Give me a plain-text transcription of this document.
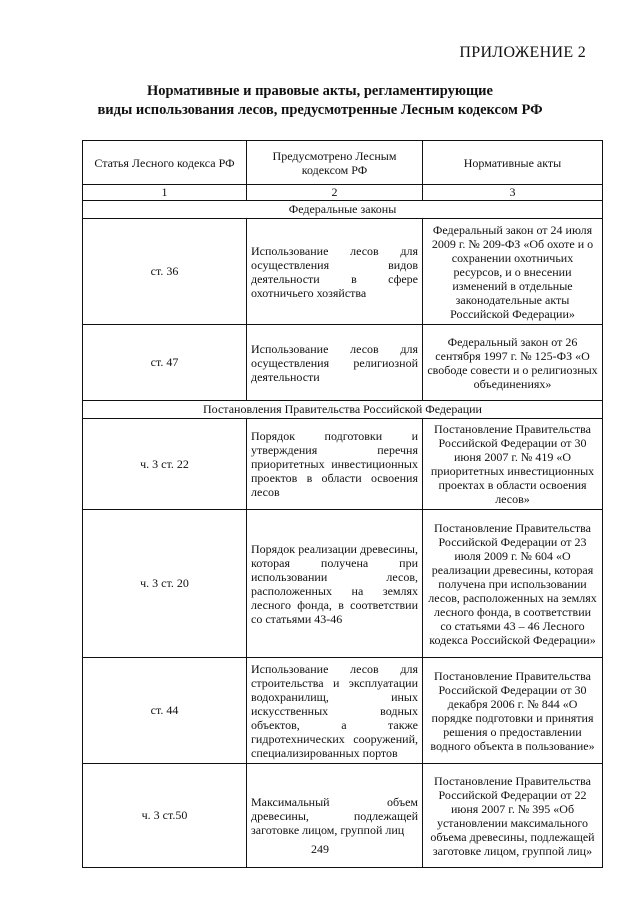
ПРИЛОЖЕНИЕ 2
Нормативные и правовые акты, регламентирующие
виды использования лесов, предусмотренные Лесным кодексом РФ
Статья Лесного кодекса РФ	Предусмотрено Лесным кодексом РФ	Нормативные акты
1	2	3
Федеральные законы		
ст. 36	Использование лесов для осуществления видов деятельности в сфере охотничьего хозяйства	Федеральный закон от 24 июля 2009 г. № 209-ФЗ «Об охоте и о сохранении охотничьих ресурсов, и о внесении изменений в отдельные законодательные акты Российской Федерации»
ст. 47	Использование лесов для осуществления религиозной деятельности	Федеральный закон от 26 сентября 1997 г. № 125-ФЗ «О свободе совести и о религиозных объединениях»
Постановления Правительства Российской Федерации		
ч. 3 ст. 22	Порядок подготовки и утверждения перечня приоритетных инвестиционных проектов в области освоения лесов	Постановление Правительства Российской Федерации от 30 июня 2007 г. № 419 «О приоритетных инвестиционных проектах в области освоения лесов»
ч. 3 ст. 20	Порядок реализации древесины, которая получена при использовании лесов, расположенных на землях лесного фонда, в соответствии со статьями 43-46	Постановление Правительства Российской Федерации от 23 июля 2009 г. № 604 «О реализации древесины, которая получена при использовании лесов, расположенных на землях лесного фонда, в соответствии со статьями 43 – 46 Лесного кодекса Российской Федерации»
ст. 44	Использование лесов для строительства и эксплуатации водохранилищ, иных искусственных водных объектов, а также гидротехнических сооружений, специализированных портов	Постановление Правительства Российской Федерации от 30 декабря 2006 г. № 844 «О порядке подготовки и принятия решения о предоставлении водного объекта в пользование»
ч. 3 ст.50	Максимальный объем древесины, подлежащей заготовке лицом, группой лиц	Постановление Правительства Российской Федерации от 22 июня 2007 г. № 395 «Об установлении максимального объема древесины, подлежащей заготовке лицом, группой лиц»
249
